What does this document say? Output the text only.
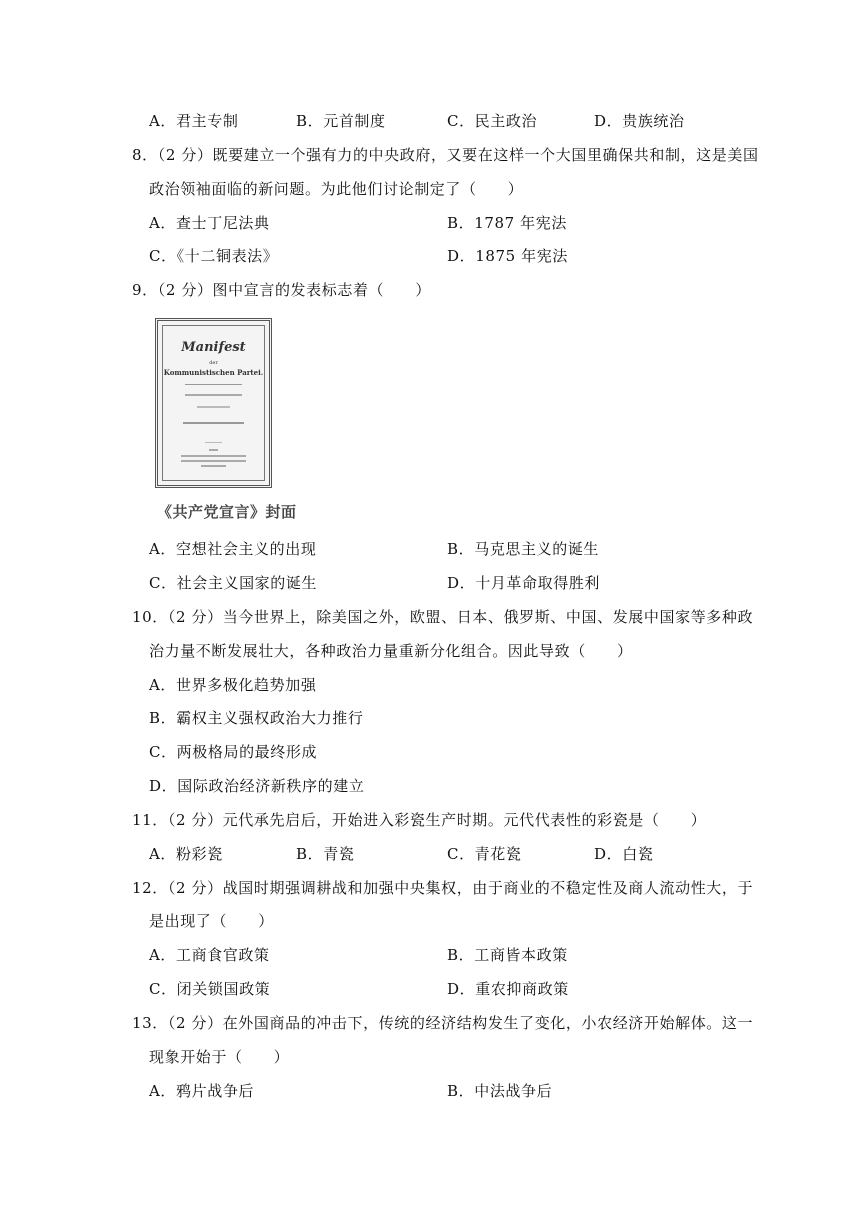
A．君主专制	B．元首制度	C．民主政治	D．贵族统治
8．（2 分）既要建立一个强有力的中央政府，又要在这样一个大国里确保共和制，这是美国
政治领袖面临的新问题。为此他们讨论制定了（　　）
A．查士丁尼法典	B．1787 年宪法
C．《十二铜表法》	D．1875 年宪法
9．（2 分）图中宣言的发表标志着（　　）
Manifest
der
Kommunistischen Partei.
《共产党宣言》封面
A．空想社会主义的出现	B．马克思主义的诞生
C．社会主义国家的诞生	D．十月革命取得胜利
10．（2 分）当今世界上，除美国之外，欧盟、日本、俄罗斯、中国、发展中国家等多种政
治力量不断发展壮大，各种政治力量重新分化组合。因此导致（　　）
A．世界多极化趋势加强
B．霸权主义强权政治大力推行
C．两极格局的最终形成
D．国际政治经济新秩序的建立
11．（2 分）元代承先启后，开始进入彩瓷生产时期。元代代表性的彩瓷是（　　）
A．粉彩瓷	B．青瓷	C．青花瓷	D．白瓷
12．（2 分）战国时期强调耕战和加强中央集权，由于商业的不稳定性及商人流动性大，于
是出现了（　　）
A．工商食官政策	B．工商皆本政策
C．闭关锁国政策	D．重农抑商政策
13．（2 分）在外国商品的冲击下，传统的经济结构发生了变化，小农经济开始解体。这一
现象开始于（　　）
A．鸦片战争后	B．中法战争后
